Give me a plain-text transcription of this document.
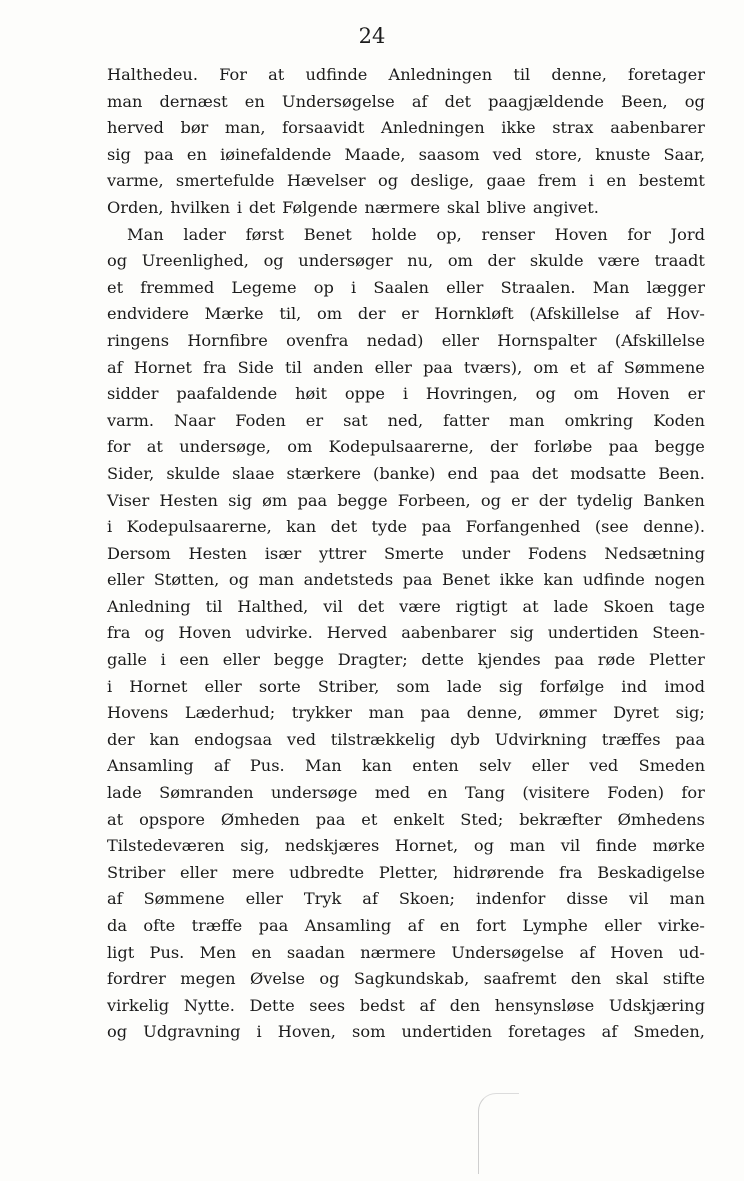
24
Halthedeu. For at udfinde Anledningen til denne, foretager
man dernæst en Undersøgelse af det paagjældende Been, og
herved bør man, forsaavidt Anledningen ikke strax aabenbarer
sig paa en iøinefaldende Maade, saasom ved store, knuste Saar,
varme, smertefulde Hævelser og deslige, gaae frem i en bestemt
Orden, hvilken i det Følgende nærmere skal blive angivet.
Man lader først Benet holde op, renser Hoven for Jord
og Ureenlighed, og undersøger nu, om der skulde være traadt
et fremmed Legeme op i Saalen eller Straalen. Man lægger
endvidere Mærke til, om der er Hornkløft (Afskillelse af Hov-
ringens Hornfibre ovenfra nedad) eller Hornspalter (Afskillelse
af Hornet fra Side til anden eller paa tværs), om et af Sømmene
sidder paafaldende høit oppe i Hovringen, og om Hoven er
varm. Naar Foden er sat ned, fatter man omkring Koden
for at undersøge, om Kodepulsaarerne, der forløbe paa begge
Sider, skulde slaae stærkere (banke) end paa det modsatte Been.
Viser Hesten sig øm paa begge Forbeen, og er der tydelig Banken
i Kodepulsaarerne, kan det tyde paa Forfangenhed (see denne).
Dersom Hesten især yttrer Smerte under Fodens Nedsætning
eller Støtten, og man andetsteds paa Benet ikke kan udfinde nogen
Anledning til Halthed, vil det være rigtigt at lade Skoen tage
fra og Hoven udvirke. Herved aabenbarer sig undertiden Steen-
galle i een eller begge Dragter; dette kjendes paa røde Pletter
i Hornet eller sorte Striber, som lade sig forfølge ind imod
Hovens Læderhud; trykker man paa denne, ømmer Dyret sig;
der kan endogsaa ved tilstrækkelig dyb Udvirkning træffes paa
Ansamling af Pus. Man kan enten selv eller ved Smeden
lade Sømranden undersøge med en Tang (visitere Foden) for
at opspore Ømheden paa et enkelt Sted; bekræfter Ømhedens
Tilstedeværen sig, nedskjæres Hornet, og man vil finde mørke
Striber eller mere udbredte Pletter, hidrørende fra Beskadigelse
af Sømmene eller Tryk af Skoen; indenfor disse vil man
da ofte træffe paa Ansamling af en fort Lymphe eller virke-
ligt Pus. Men en saadan nærmere Undersøgelse af Hoven ud-
fordrer megen Øvelse og Sagkundskab, saafremt den skal stifte
virkelig Nytte. Dette sees bedst af den hensynsløse Udskjæring
og Udgravning i Hoven, som undertiden foretages af Smeden,
